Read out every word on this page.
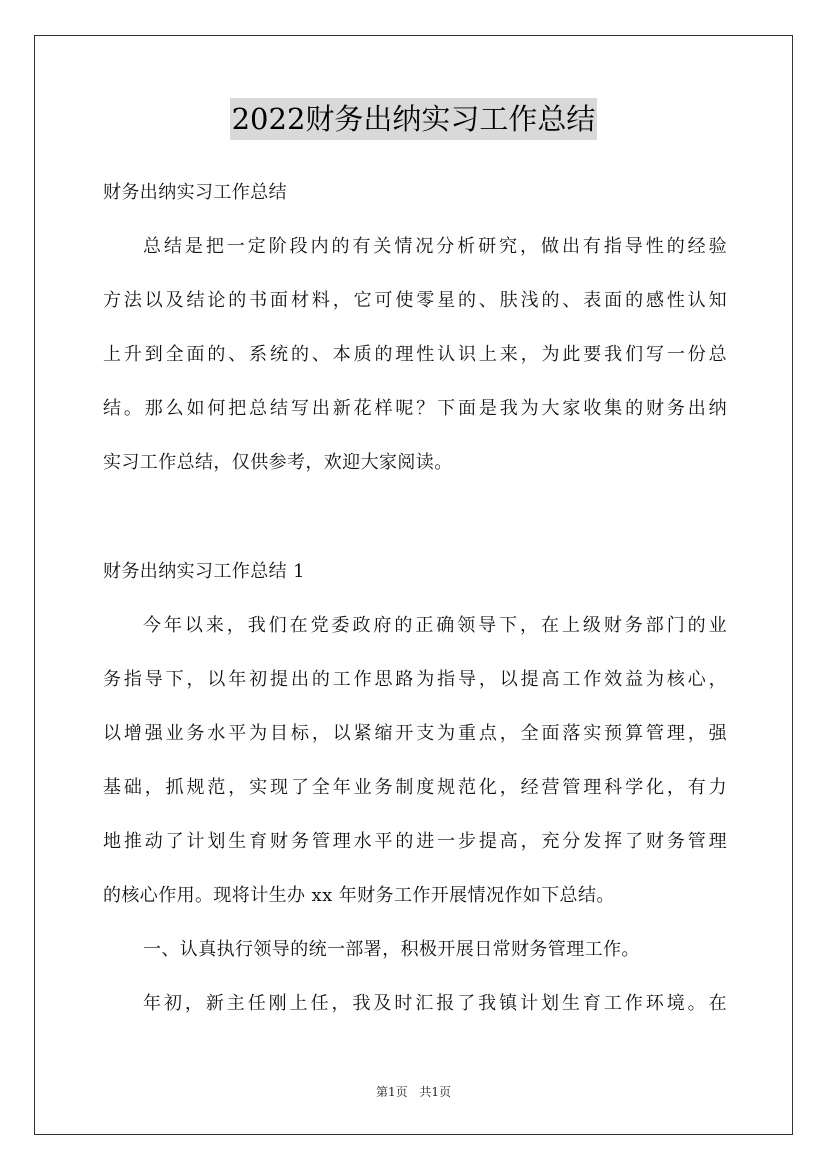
2022财务出纳实习工作总结
财务出纳实习工作总结
总结是把一定阶段内的有关情况分析研究，做出有指导性的经验
方法以及结论的书面材料，它可使零星的、肤浅的、表面的感性认知
上升到全面的、系统的、本质的理性认识上来，为此要我们写一份总
结。那么如何把总结写出新花样呢？下面是我为大家收集的财务出纳
实习工作总结，仅供参考，欢迎大家阅读。
财务出纳实习工作总结 1
今年以来，我们在党委政府的正确领导下，在上级财务部门的业
务指导下，以年初提出的工作思路为指导，以提高工作效益为核心，
以增强业务水平为目标，以紧缩开支为重点，全面落实预算管理，强
基础，抓规范，实现了全年业务制度规范化，经营管理科学化，有力
地推动了计划生育财务管理水平的进一步提高，充分发挥了财务管理
的核心作用。现将计生办 xx 年财务工作开展情况作如下总结。
一、认真执行领导的统一部署，积极开展日常财务管理工作。
年初，新主任刚上任，我及时汇报了我镇计划生育工作环境。在
第1页 共1页
